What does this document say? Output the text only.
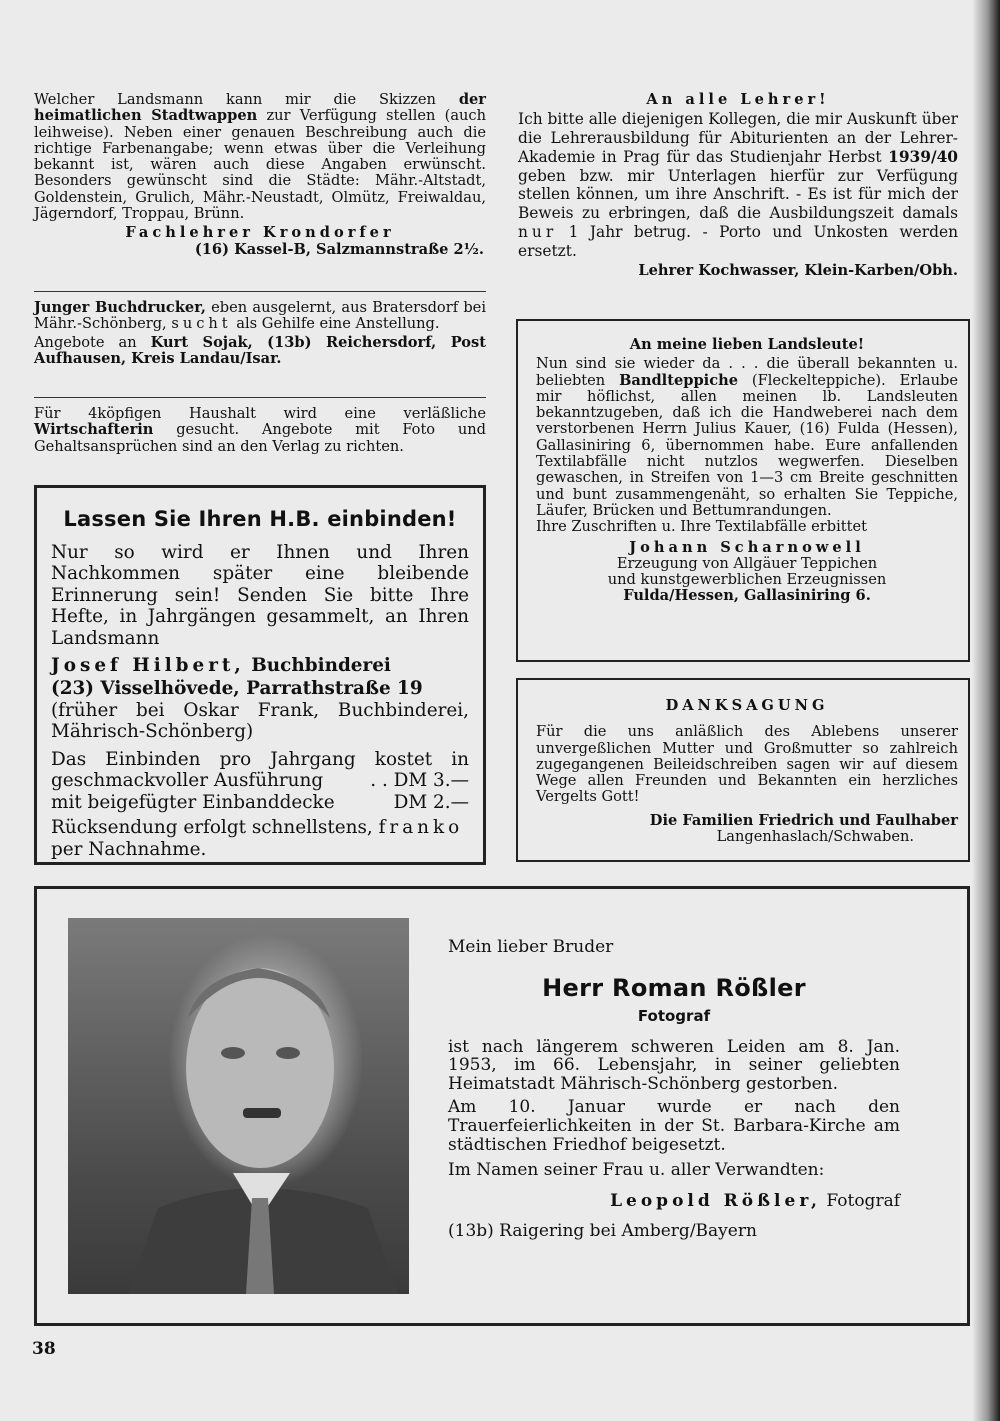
Welcher Landsmann kann mir die Skizzen der heimatlichen Stadtwappen zur Verfügung stellen (auch leihweise). Neben einer genauen Beschreibung auch die richtige Farbenangabe; wenn etwas über die Verleihung bekannt ist, wären auch diese Angaben erwünscht. Besonders gewünscht sind die Städte: Mähr.-Altstadt, Goldenstein, Grulich, Mähr.-Neustadt, Olmütz, Freiwaldau, Jägerndorf, Troppau, Brünn.

Fachlehrer Krondorfer

(16) Kassel-B, Salzmannstraße 2½.

Junger Buchdrucker, eben ausgelernt, aus Bratersdorf bei Mähr.-Schönberg, sucht als Gehilfe eine Anstellung.

Angebote an Kurt Sojak, (13b) Reichersdorf, Post Aufhausen, Kreis Landau/Isar.

Für 4köpfigen Haushalt wird eine verläßliche Wirtschafterin gesucht. Angebote mit Foto und Gehaltsansprüchen sind an den Verlag zu richten.

Lassen Sie Ihren H.B. einbinden!

Nur so wird er Ihnen und Ihren Nachkommen später eine bleibende Erinnerung sein! Senden Sie bitte Ihre Hefte, in Jahrgängen gesammelt, an Ihren Landsmann

Josef Hilbert, Buchbinderei

(23) Visselhövede, Parrathstraße 19

(früher bei Oskar Frank, Buchbinderei, Mährisch-Schönberg)

Das Einbinden pro Jahrgang kostet in geschmackvoller Ausführung	. . DM 3.—
mit beigefügter Einbanddecke	DM 2.—

Rücksendung erfolgt schnellstens, franko

per Nachnahme.

An alle Lehrer!

Ich bitte alle diejenigen Kollegen, die mir Auskunft über die Lehrerausbildung für Abiturienten an der Lehrer-Akademie in Prag für das Studienjahr Herbst 1939/40 geben bzw. mir Unterlagen hierfür zur Verfügung stellen können, um ihre Anschrift. - Es ist für mich der Beweis zu erbringen, daß die Ausbildungszeit damals nur 1 Jahr betrug. - Porto und Unkosten werden ersetzt.

Lehrer Kochwasser, Klein-Karben/Obh.

An meine lieben Landsleute!

Nun sind sie wieder da . . . die überall bekannten u. beliebten Bandlteppiche (Fleckelteppiche). Erlaube mir höflichst, allen meinen lb. Landsleuten bekanntzugeben, daß ich die Handweberei nach dem verstorbenen Herrn Julius Kauer, (16) Fulda (Hessen), Gallasiniring 6, übernommen habe. Eure anfallenden Textilabfälle nicht nutzlos wegwerfen. Dieselben gewaschen, in Streifen von 1—3 cm Breite geschnitten und bunt zusammengenäht, so erhalten Sie Teppiche, Läufer, Brücken und Bettumrandungen.

Ihre Zuschriften u. Ihre Textilabfälle erbittet

Johann Scharnowell

Erzeugung von Allgäuer Teppichen

und kunstgewerblichen Erzeugnissen

Fulda/Hessen, Gallasiniring 6.

DANKSAGUNG

Für die uns anläßlich des Ablebens unserer unvergeßlichen Mutter und Großmutter so zahlreich zugegangenen Beileidschreiben sagen wir auf diesem Wege allen Freunden und Bekannten ein herzliches Vergelts Gott!

Die Familien Friedrich und Faulhaber

Langenhaslach/Schwaben.

Mein lieber Bruder

Herr Roman Rößler

Fotograf

ist nach längerem schweren Leiden am 8. Jan. 1953, im 66. Lebensjahr, in seiner geliebten Heimatstadt Mährisch-Schönberg gestorben.

Am 10. Januar wurde er nach den Trauerfeierlichkeiten in der St. Barbara-Kirche am städtischen Friedhof beigesetzt.

Im Namen seiner Frau u. aller Verwandten:

Leopold Rößler, Fotograf

(13b) Raigering bei Amberg/Bayern

38
